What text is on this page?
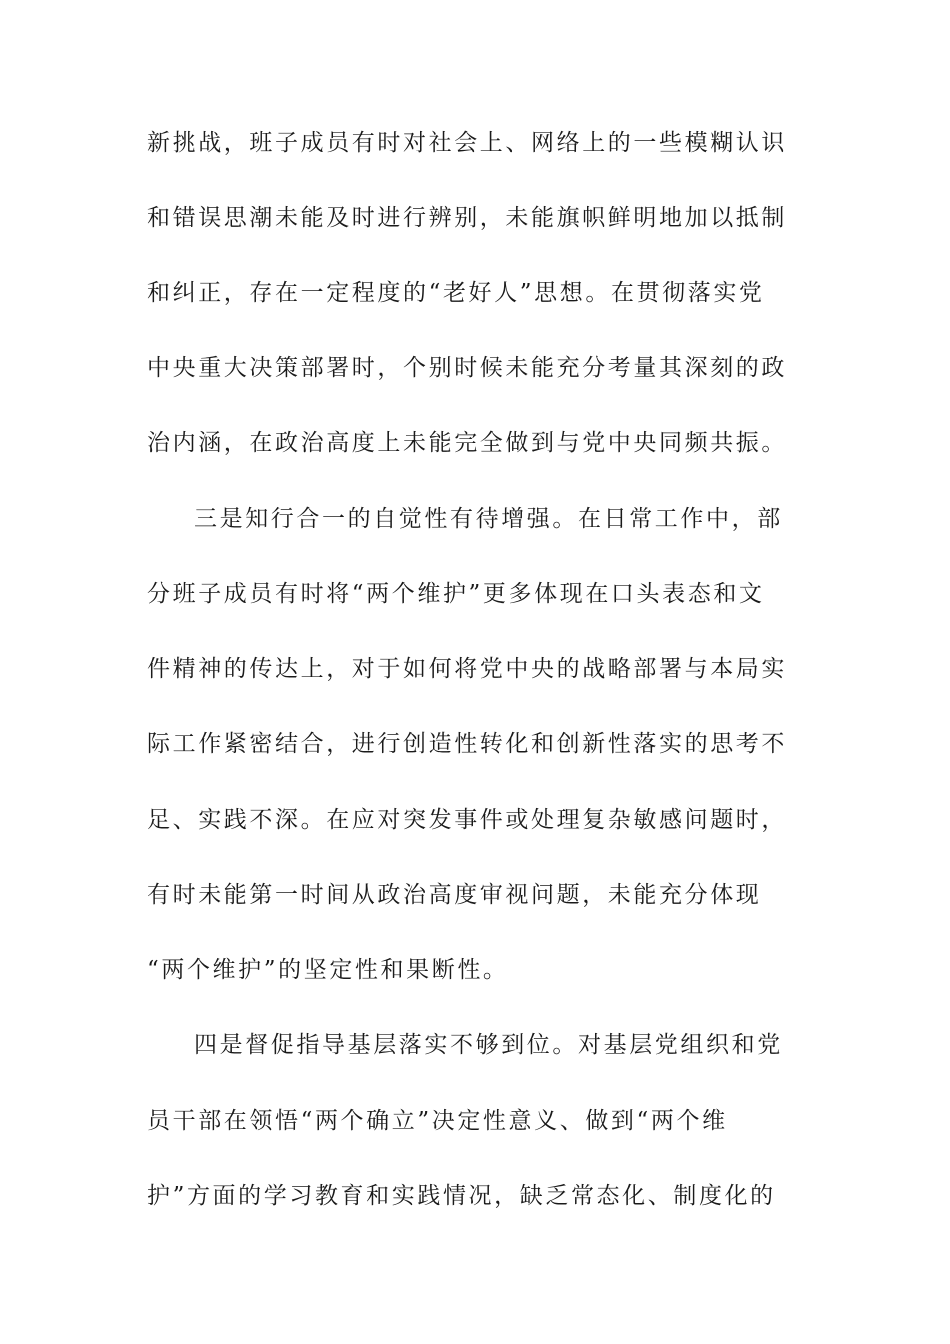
新挑战，班子成员有时对社会上、网络上的一些模糊认识
和错误思潮未能及时进行辨别，未能旗帜鲜明地加以抵制
和纠正，存在一定程度的“老好人”思想。在贯彻落实党
中央重大决策部署时，个别时候未能充分考量其深刻的政
治内涵，在政治高度上未能完全做到与党中央同频共振。
三是知行合一的自觉性有待增强。在日常工作中，部
分班子成员有时将“两个维护”更多体现在口头表态和文
件精神的传达上，对于如何将党中央的战略部署与本局实
际工作紧密结合，进行创造性转化和创新性落实的思考不
足、实践不深。在应对突发事件或处理复杂敏感问题时，
有时未能第一时间从政治高度审视问题，未能充分体现
“两个维护”的坚定性和果断性。
四是督促指导基层落实不够到位。对基层党组织和党
员干部在领悟“两个确立”决定性意义、做到“两个维
护”方面的学习教育和实践情况，缺乏常态化、制度化的
